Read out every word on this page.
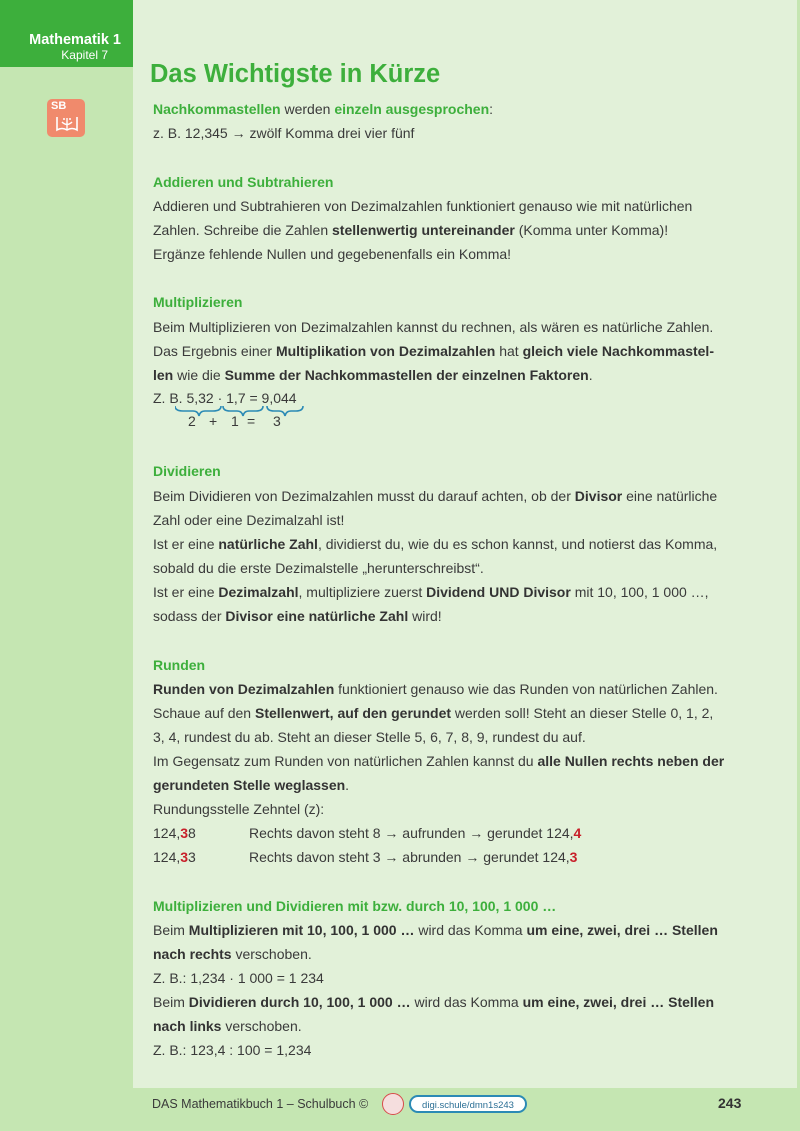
Mathematik 1
Kapitel 7
SB
Das Wichtigste in Kürze
Nachkommastellen werden einzeln ausgesprochen:
z. B. 12,345 → zwölf Komma drei vier fünf
Addieren und Subtrahieren
Addieren und Subtrahieren von Dezimalzahlen funktioniert genauso wie mit natürlichen
Zahlen. Schreibe die Zahlen stellenwertig untereinander (Komma unter Komma)!
Ergänze fehlende Nullen und gegebenenfalls ein Komma!
Multiplizieren
Beim Multiplizieren von Dezimalzahlen kannst du rechnen, als wären es natürliche Zahlen.
Das Ergebnis einer Multiplikation von Dezimalzahlen hat gleich viele Nachkommastel-
len wie die Summe der Nachkommastellen der einzelnen Faktoren.
Z. B. 5,32 · 1,7 = 9,044
2 + 1 = 3
Dividieren
Beim Dividieren von Dezimalzahlen musst du darauf achten, ob der Divisor eine natürliche
Zahl oder eine Dezimalzahl ist!
Ist er eine natürliche Zahl, dividierst du, wie du es schon kannst, und notierst das Komma,
sobald du die erste Dezimalstelle „herunterschreibst“.
Ist er eine Dezimalzahl, multipliziere zuerst Dividend UND Divisor mit 10, 100, 1 000 …,
sodass der Divisor eine natürliche Zahl wird!
Runden
Runden von Dezimalzahlen funktioniert genauso wie das Runden von natürlichen Zahlen.
Schaue auf den Stellenwert, auf den gerundet werden soll! Steht an dieser Stelle 0, 1, 2,
3, 4, rundest du ab. Steht an dieser Stelle 5, 6, 7, 8, 9, rundest du auf.
Im Gegensatz zum Runden von natürlichen Zahlen kannst du alle Nullen rechts neben der
gerundeten Stelle weglassen.
Rundungsstelle Zehntel (z):
124,38	Rechts davon steht 8 → aufrunden → gerundet 124,4
124,33	Rechts davon steht 3 → abrunden → gerundet 124,3
Multiplizieren und Dividieren mit bzw. durch 10, 100, 1 000 …
Beim Multiplizieren mit 10, 100, 1 000 … wird das Komma um eine, zwei, drei … Stellen
nach rechts verschoben.
Z. B.: 1,234 · 1 000 = 1 234
Beim Dividieren durch 10, 100, 1 000 … wird das Komma um eine, zwei, drei … Stellen
nach links verschoben.
Z. B.: 123,4 : 100 = 1,234
DAS Mathematikbuch 1 – Schulbuch ©	digi.schule/dmn1s243	243
